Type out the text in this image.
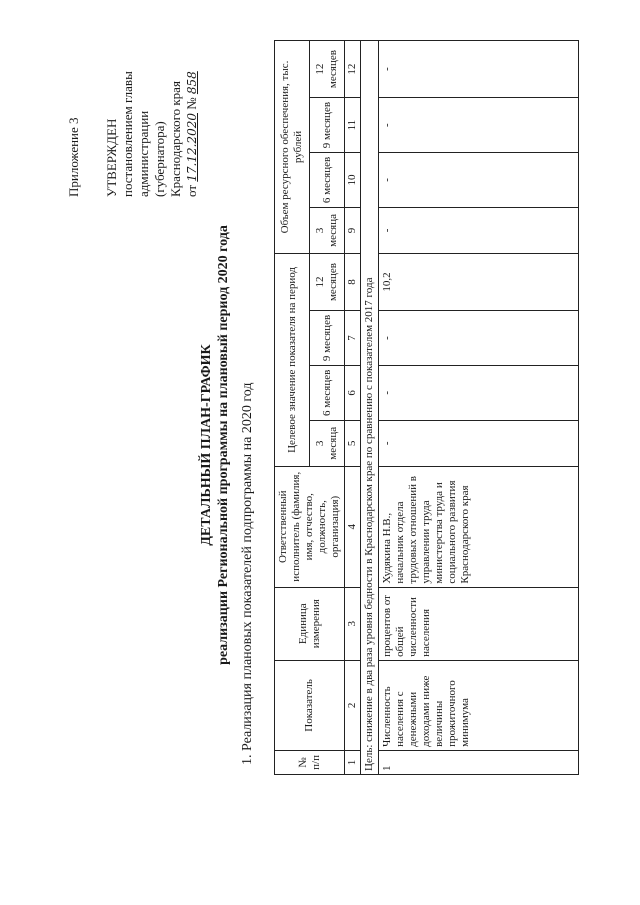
Приложение 3 УТВЕРЖДЕН постановлением главы администрации (губернатора) Краснодарского края от 17.12.2020 № 858
ДЕТАЛЬНЫЙ ПЛАН-ГРАФИК реализации Региональной программы на плановый период 2020 года 1. Реализация плановых показателей подпрограммы на 2020 год	№ п/п	Показатель	Единица измерения	Ответственный исполнитель (фамилия, имя, отчество, должность, организация)	Целевое значение показателя на период				Объем ресурсного обеспечения, тыс. рублей			
				3 месяца	6 месяцев	9 месяцев	12 месяцев	3 месяца	6 месяцев	9 месяцев	12 месяцев
1	2	3	4	5	6	7	8	9	10	11	12
Цель: снижение в два раза уровня бедности в Краснодарском крае по сравнению с показателем 2017 года											
1	Численность населения с денежными доходами ниже величины прожиточного минимума	процентов от общей численности населения	Худякина Н.В., начальник отдела трудовых отношений в управлении труда министерства труда и социального развития Краснодарского края	-	-	-	10,2	-	-	-	-
